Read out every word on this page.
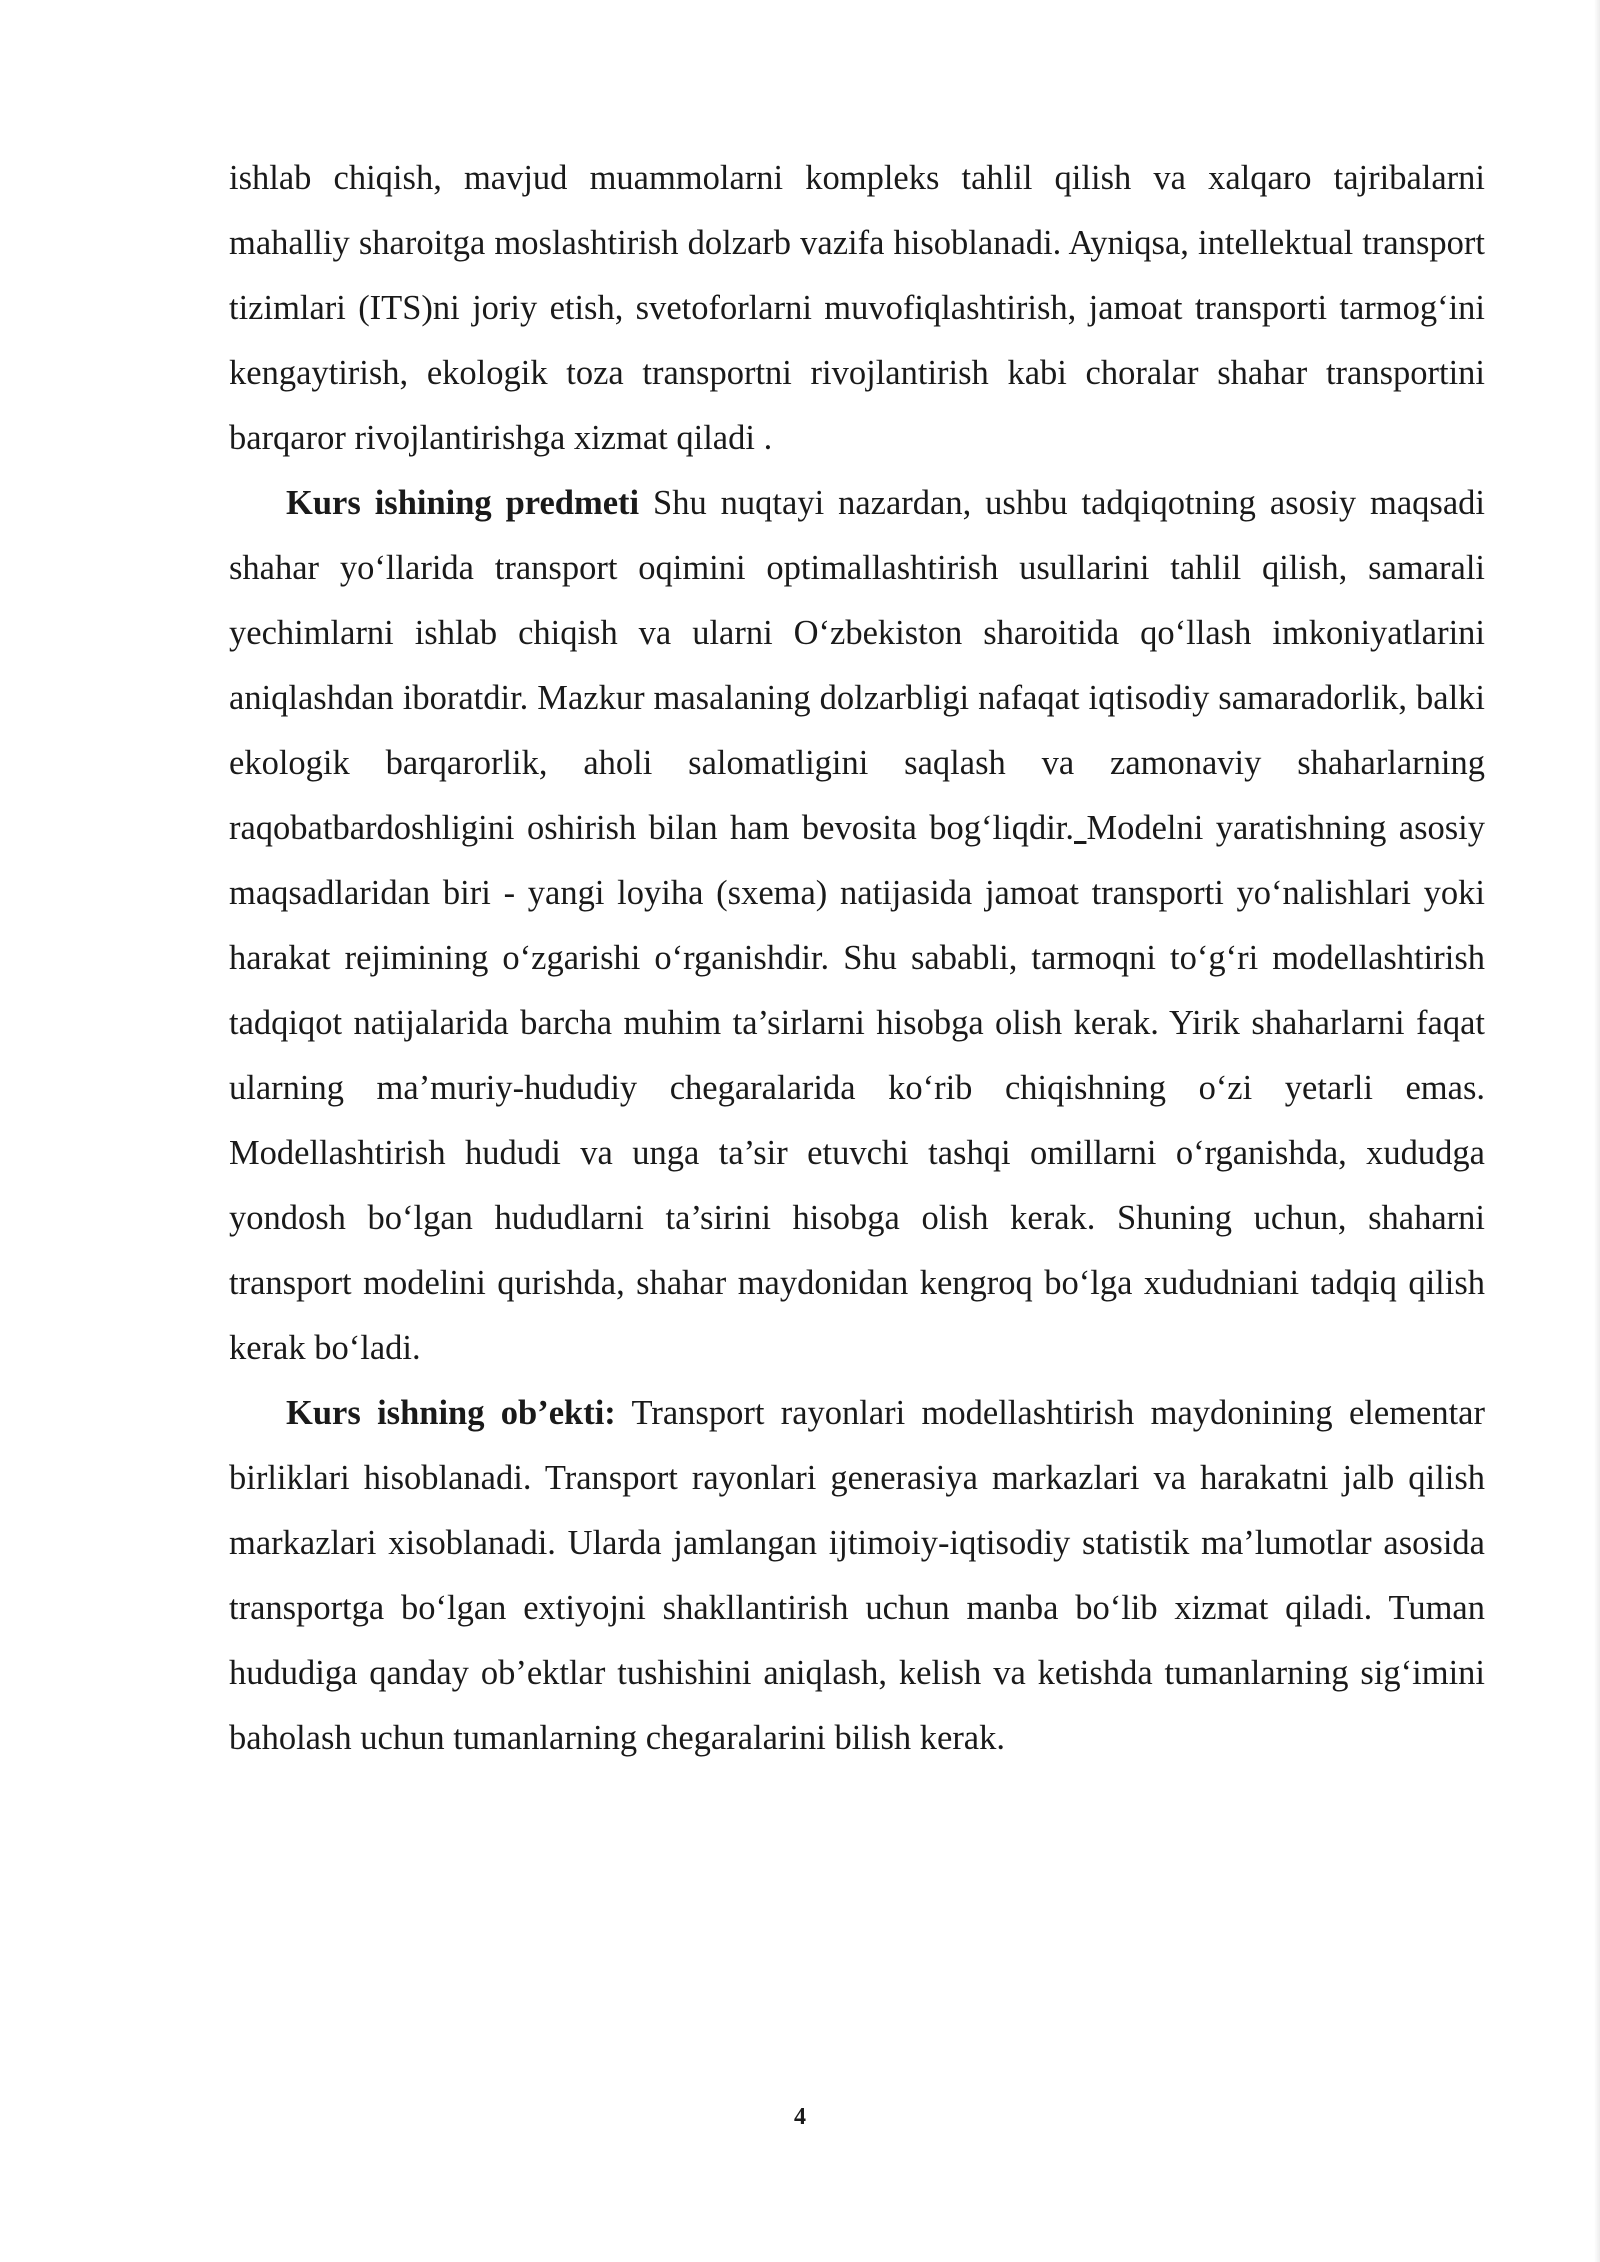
ishlab chiqish, mavjud muammolarni kompleks tahlil qilish va xalqaro tajribalarni mahalliy sharoitga moslashtirish dolzarb vazifa hisoblanadi. Ayniqsa, intellektual transport tizimlari (ITS)ni joriy etish, svetoforlarni muvofiqlashtirish, jamoat transporti tarmog‘ini kengaytirish, ekologik toza transportni rivojlantirish kabi choralar shahar transportini barqaror rivojlantirishga xizmat qiladi .

Kurs ishining predmeti Shu nuqtayi nazardan, ushbu tadqiqotning asosiy maqsadi shahar yo‘llarida transport oqimini optimallashtirish usullarini tahlil qilish, samarali yechimlarni ishlab chiqish va ularni O‘zbekiston sharoitida qo‘llash imkoniyatlarini aniqlashdan iboratdir. Mazkur masalaning dolzarbligi nafaqat iqtisodiy samaradorlik, balki ekologik barqarorlik, aholi salomatligini saqlash va zamonaviy shaharlarning raqobatbardoshligini oshirish bilan ham bevosita bog‘liqdir. Modelni yaratishning asosiy maqsadlaridan biri - yangi loyiha (sxema) natijasida jamoat transporti yo‘nalishlari yoki harakat rejimining o‘zgarishi o‘rganishdir. Shu sababli, tarmoqni to‘g‘ri modellashtirish tadqiqot natijalarida barcha muhim ta’sirlarni hisobga olish kerak. Yirik shaharlarni faqat ularning ma’muriy-hududiy chegaralarida ko‘rib chiqishning o‘zi yetarli emas. Modellashtirish hududi va unga ta’sir etuvchi tashqi omillarni o‘rganishda, xududga yondosh bo‘lgan hududlarni ta’sirini hisobga olish kerak. Shuning uchun, shaharni transport modelini qurishda, shahar maydonidan kengroq bo‘lga xududniani tadqiq qilish kerak bo‘ladi.

Kurs ishning ob’ekti: Transport rayonlari modellashtirish maydonining elementar birliklari hisoblanadi. Transport rayonlari generasiya markazlari va harakatni jalb qilish markazlari xisoblanadi. Ularda jamlangan ijtimoiy-iqtisodiy statistik ma’lumotlar asosida transportga bo‘lgan extiyojni shakllantirish uchun manba bo‘lib xizmat qiladi. Tuman hududiga qanday ob’ektlar tushishini aniqlash, kelish va ketishda tumanlarning sig‘imini baholash uchun tumanlarning chegaralarini bilish kerak.

4
